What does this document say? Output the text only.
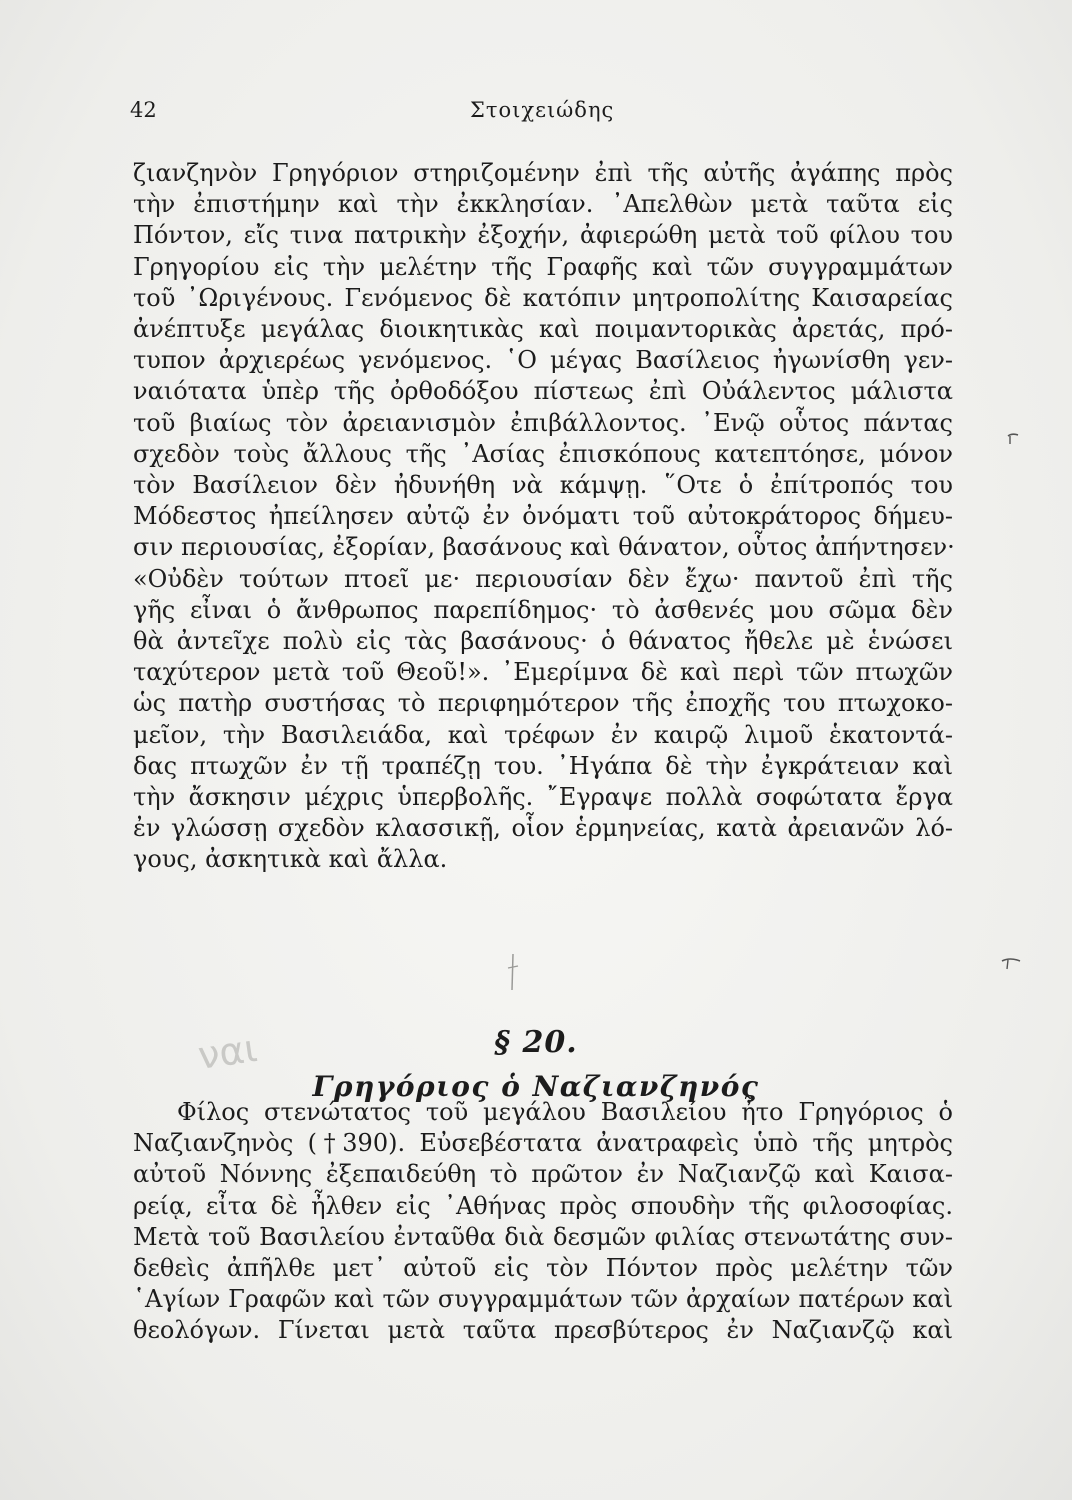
42	Στοιχειώδης
ζιανζηνὸν Γρηγόριον στηριζομένην ἐπὶ τῆς αὐτῆς ἀγάπης πρὸς
τὴν ἐπιστήμην καὶ τὴν ἐκκλησίαν. ᾿Απελθὼν μετὰ ταῦτα εἰς
Πόντον, εἴς τινα πατρικὴν ἐξοχήν, ἀφιερώθη μετὰ τοῦ φίλου του
Γρηγορίου εἰς τὴν μελέτην τῆς Γραφῆς καὶ τῶν συγγραμμάτων
τοῦ ᾿Ωριγένους. Γενόμενος δὲ κατόπιν μητροπολίτης Καισαρείας
ἀνέπτυξε μεγάλας διοικητικὰς καὶ ποιμαντορικὰς ἀρετάς, πρό-
τυπον ἀρχιερέως γενόμενος. ῾Ο μέγας Βασίλειος ἠγωνίσθη γεν-
ναιότατα ὑπὲρ τῆς ὀρθοδόξου πίστεως ἐπὶ Οὐάλεντος μάλιστα
τοῦ βιαίως τὸν ἀρειανισμὸν ἐπιβάλλοντος. ᾿Ενῷ οὗτος πάντας
σχεδὸν τοὺς ἄλλους τῆς ᾿Ασίας ἐπισκόπους κατεπτόησε, μόνον
τὸν Βασίλειον δὲν ἠδυνήθη νὰ κάμψῃ. ῞Οτε ὁ ἐπίτροπός του
Μόδεστος ἠπείλησεν αὐτῷ ἐν ὀνόματι τοῦ αὐτοκράτορος δήμευ-
σιν περιουσίας, ἐξορίαν, βασάνους καὶ θάνατον, οὗτος ἀπήντησεν·
«Οὐδὲν τούτων πτοεῖ με· περιουσίαν δὲν ἔχω· παντοῦ ἐπὶ τῆς
γῆς εἶναι ὁ ἄνθρωπος παρεπίδημος· τὸ ἀσθενές μου σῶμα δὲν
θὰ ἀντεῖχε πολὺ εἰς τὰς βασάνους· ὁ θάνατος ἤθελε μὲ ἑνώσει
ταχύτερον μετὰ τοῦ Θεοῦ!». ᾿Εμερίμνα δὲ καὶ περὶ τῶν πτωχῶν
ὡς πατὴρ συστήσας τὸ περιφημότερον τῆς ἐποχῆς του πτωχοκο-
μεῖον, τὴν Βασιλειάδα, καὶ τρέφων ἐν καιρῷ λιμοῦ ἑκατοντά-
δας πτωχῶν ἐν τῇ τραπέζῃ του. ᾿Ηγάπα δὲ τὴν ἐγκράτειαν καὶ
τὴν ἄσκησιν μέχρις ὑπερβολῆς. ῎Εγραψε πολλὰ σοφώτατα ἔργα
ἐν γλώσσῃ σχεδὸν κλασσικῇ, οἷον ἑρμηνείας, κατὰ ἀρειανῶν λό-
γους, ἀσκητικὰ καὶ ἄλλα.
§ 20.
Γρηγόριος ὁ Ναζιανζηνός
Φίλος στενώτατος τοῦ μεγάλου Βασιλείου ἦτο Γρηγόριος ὁ
Ναζιανζηνὸς (†390). Εὐσεβέστατα ἀνατραφεὶς ὑπὸ τῆς μητρὸς
αὐτοῦ Νόννης ἐξεπαιδεύθη τὸ πρῶτον ἐν Ναζιανζῷ καὶ Καισα-
ρείᾳ, εἶτα δὲ ἦλθεν εἰς ᾿Αθήνας πρὸς σπουδὴν τῆς φιλοσοφίας.
Μετὰ τοῦ Βασιλείου ἐνταῦθα διὰ δεσμῶν φιλίας στενωτάτης συν-
δεθεὶς ἀπῆλθε μετ᾽ αὐτοῦ εἰς τὸν Πόντον πρὸς μελέτην τῶν
῾Αγίων Γραφῶν καὶ τῶν συγγραμμάτων τῶν ἀρχαίων πατέρων καὶ
θεολόγων. Γίνεται μετὰ ταῦτα πρεσβύτερος ἐν Ναζιανζῷ καὶ
ναι
